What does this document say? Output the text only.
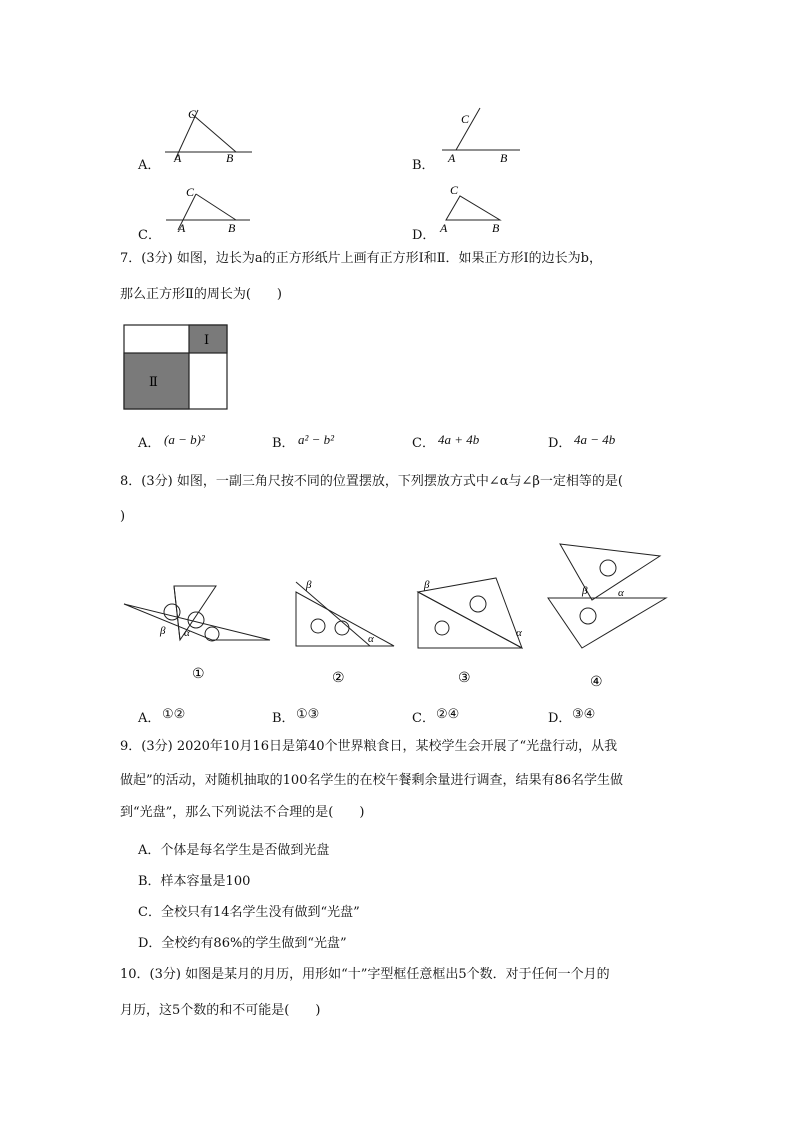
A．
C
A	B	B．
C
A	B
C．
C
A	B	D．
C
A	B
7．(3分) 如图，边长为a的正方形纸片上画有正方形Ⅰ和Ⅱ．如果正方形Ⅰ的边长为b，
那么正方形Ⅱ的周长为(　　)
Ⅰ
Ⅱ
A． (a − b)²	B． a² − b²	C． 4a + 4b	D． 4a − 4b
8．(3分) 如图，一副三角尺按不同的位置摆放，下列摆放方式中∠α与∠β一定相等的是(
)
β α
①
β
α
②
β
α
③
β	α
④
A． ①②	B． ①③	C． ②④	D． ③④
9．(3分) 2020年10月16日是第40个世界粮食日，某校学生会开展了“光盘行动，从我
做起”的活动，对随机抽取的100名学生的在校午餐剩余量进行调查，结果有86名学生做
到“光盘”，那么下列说法不合理的是(　　)
A．个体是每名学生是否做到光盘
B．样本容量是100
C．全校只有14名学生没有做到“光盘”
D．全校约有86%的学生做到“光盘”
10．(3分) 如图是某月的月历，用形如“十”字型框任意框出5个数．对于任何一个月的
月历，这5个数的和不可能是(　　)
